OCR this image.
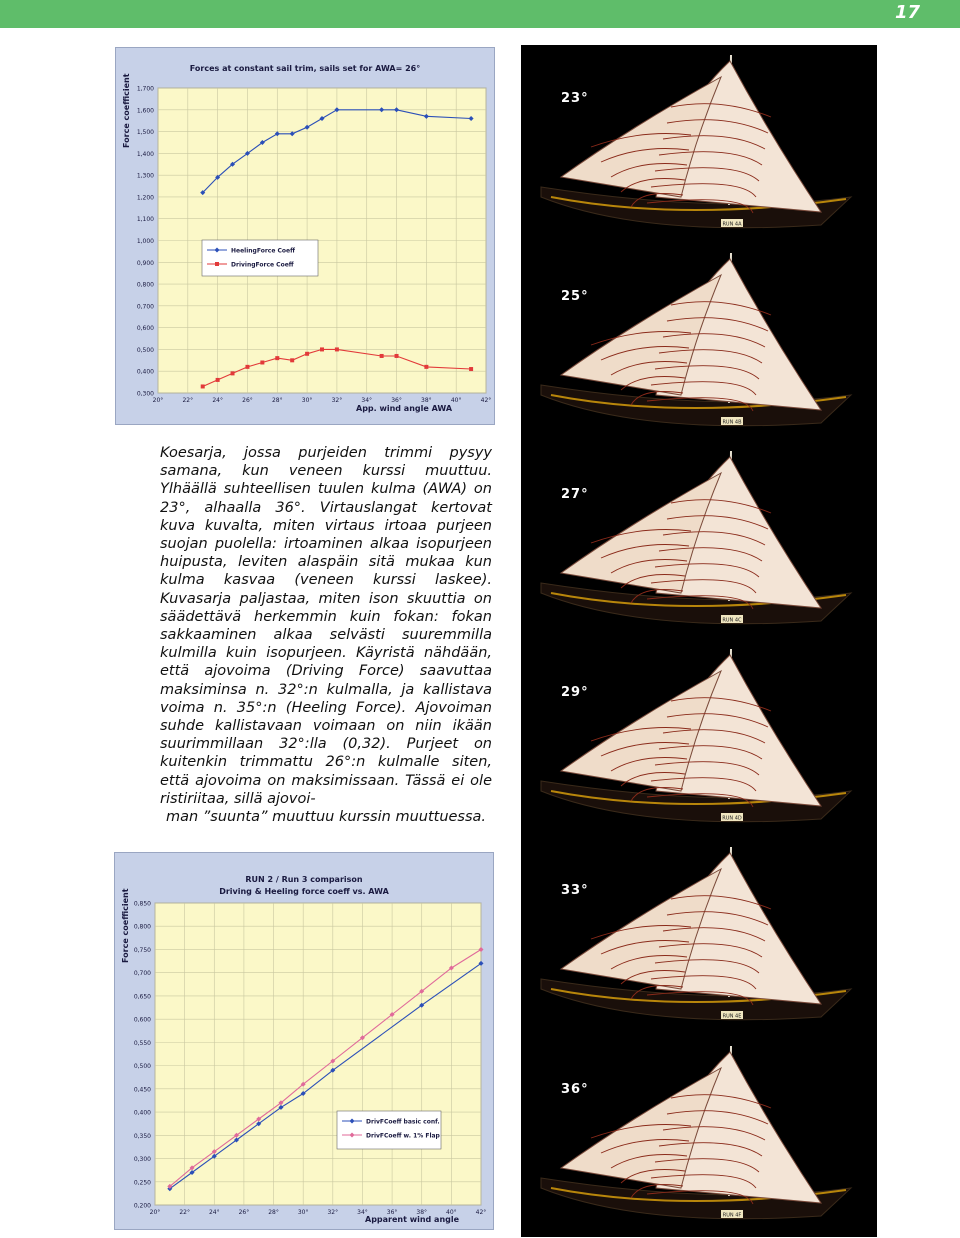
17
Forces at constant sail trim, sails set for AWA= 26°
Force coefficient
App. wind angle AWA
0,300
0,400
0,500
0,600
0,700
0,800
0,900
1,000
1,100
1,200
1,300
1,400
1,500
1,600
1,700
20°	22°	24°	26°	28°	30°	32°	34°	36°	38°	40°	42°
HeelingForce Coeff
DrivingForce Coeff
Koesarja, jossa purjeiden trimmi pysyy samana, kun veneen kurssi muuttuu. Ylhäällä suhteellisen tuulen kulma (AWA) on 23°, alhaalla 36°. Virtauslangat kertovat kuva kuvalta, miten virtaus irtoaa purjeen suojan puolella: irtoaminen alkaa isopurjeen huipusta, leviten alaspäin sitä mukaa kun kulma kasvaa (veneen kurssi laskee). Kuvasarja paljastaa, miten ison skuuttia on säädettävä herkemmin kuin fokan: fokan sakkaaminen alkaa selvästi suuremmilla kulmilla kuin isopurjeen. Käyristä nähdään, että ajovoima (Driving Force) saavuttaa maksiminsa n. 32°:n kulmalla, ja kallistava voima n. 35°:n (Heeling Force). Ajovoiman suhde kallistavaan voimaan on niin ikään suurimmillaan 32°:lla (0,32). Purjeet on kuitenkin trimmattu 26°:n kulmalle siten, että ajovoima on maksimissaan. Tässä ei ole ristiriitaa, sillä ajovoi-
man ”suunta” muuttuu kurssin muuttuessa.
RUN 2 / Run 3 comparison
Driving & Heeling force coeff vs. AWA
Force coefficient
Apparent wind angle
0,200
0,250
0,300
0,350
0,400
0,450
0,500
0,550
0,600
0,650
0,700
0,750
0,800
0,850
20°	22°	24°	26°	28°	30°	32°	34°	36°	38°	40°	42°
DrivFCoeff basic conf.
DrivFCoeff w. 1% Flap
RUN 4A
23°
RUN 4B
25°
RUN 4C
27°
RUN 4D
29°
RUN 4E
33°
RUN 4F
36°
